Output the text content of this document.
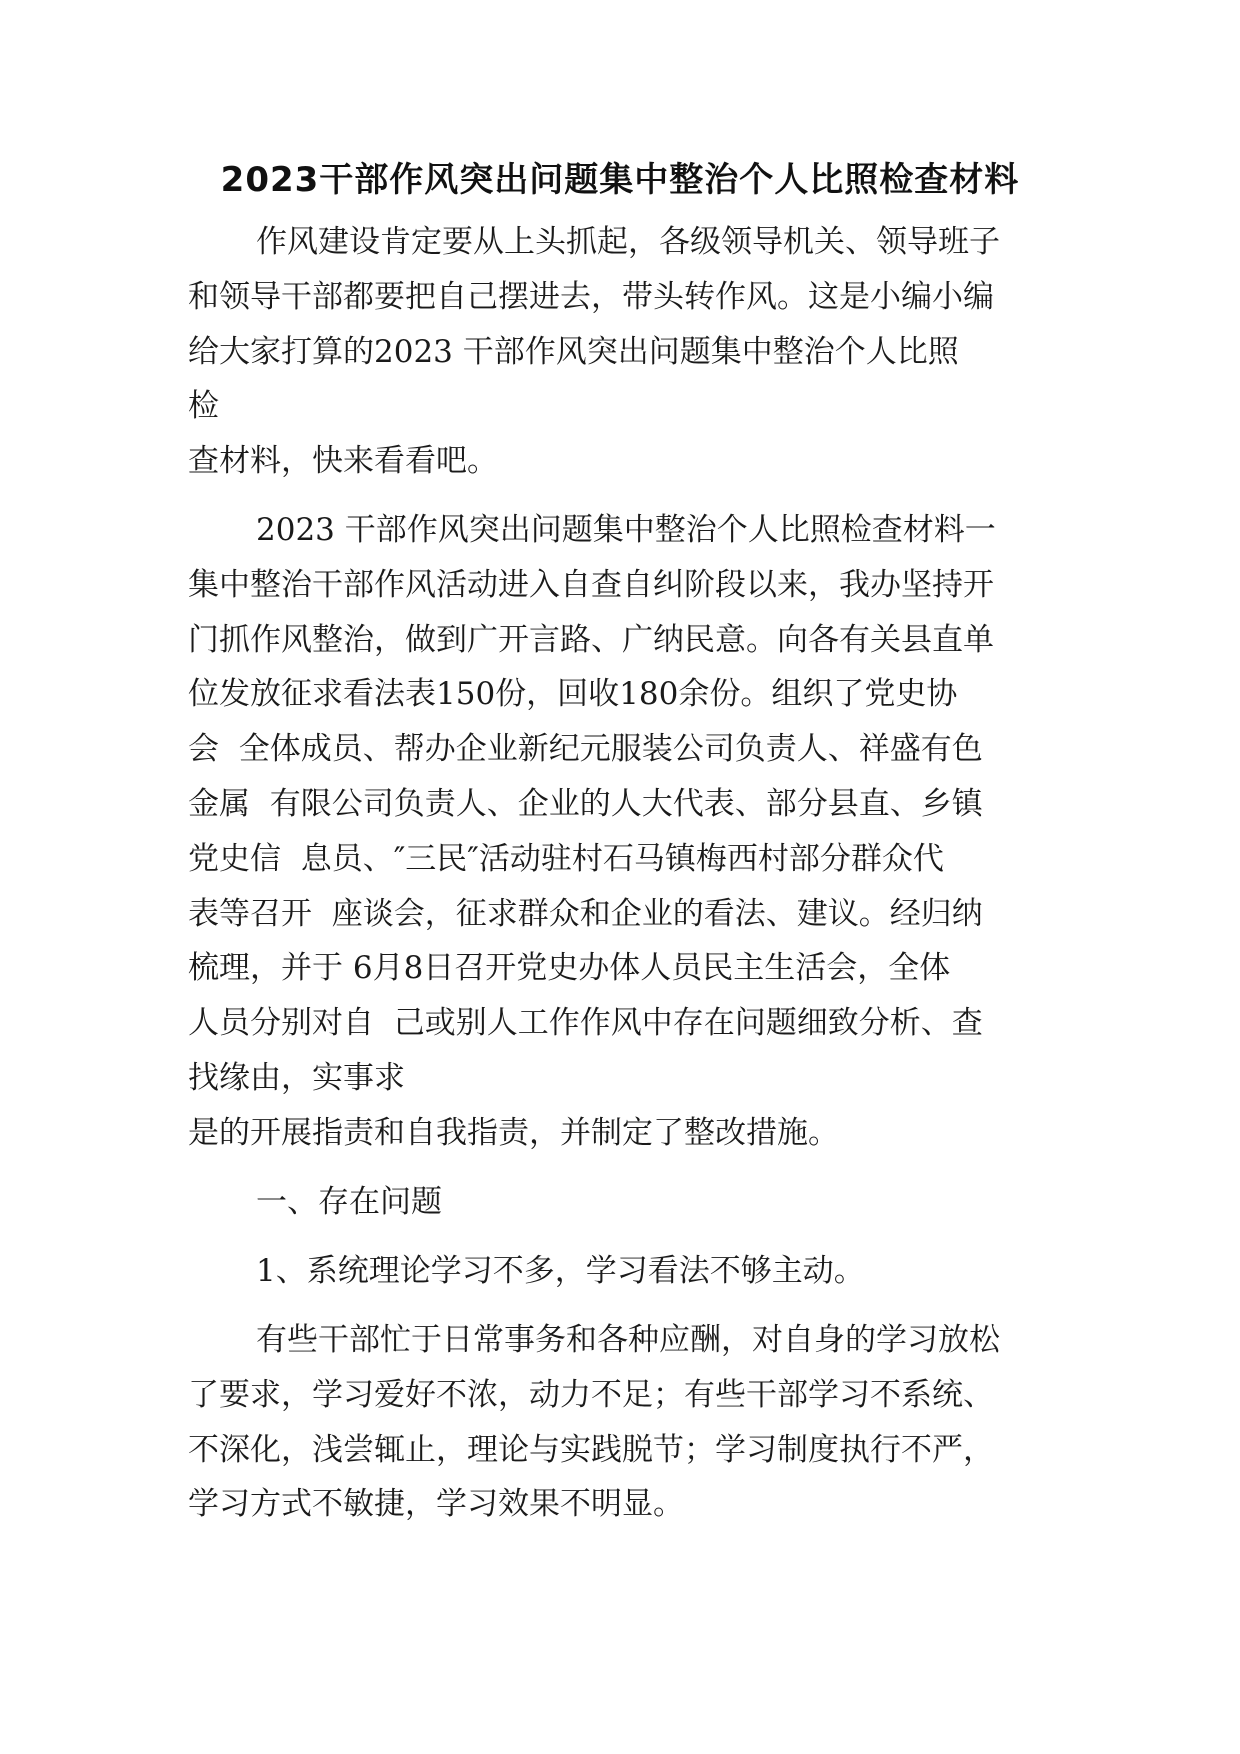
2023干部作风突出问题集中整治个人比照检查材料

作风建设肯定要从上头抓起，各级领导机关、领导班子

和领导干部都要把自己摆进去，带头转作风。这是小编小编

给大家打算的2023 干部作风突出问题集中整治个人比照

检

查材料，快来看看吧。

2023 干部作风突出问题集中整治个人比照检查材料一

集中整治干部作风活动进入自查自纠阶段以来，我办坚持开

门抓作风整治，做到广开言路、广纳民意。向各有关县直单

位发放征求看法表150份，回收180余份。组织了党史协

会  全体成员、帮办企业新纪元服装公司负责人、祥盛有色

金属  有限公司负责人、企业的人大代表、部分县直、乡镇

党史信  息员、″三民″活动驻村石马镇梅西村部分群众代

表等召开  座谈会，征求群众和企业的看法、建议。经归纳

梳理，并于 6月8日召开党史办体人员民主生活会，全体

人员分别对自  己或别人工作作风中存在问题细致分析、查

找缘由，实事求

是的开展指责和自我指责，并制定了整改措施。

一、存在问题

1、系统理论学习不多，学习看法不够主动。

有些干部忙于日常事务和各种应酬，对自身的学习放松

了要求，学习爱好不浓，动力不足；有些干部学习不系统、

不深化，浅尝辄止，理论与实践脱节；学习制度执行不严，

学习方式不敏捷，学习效果不明显。
